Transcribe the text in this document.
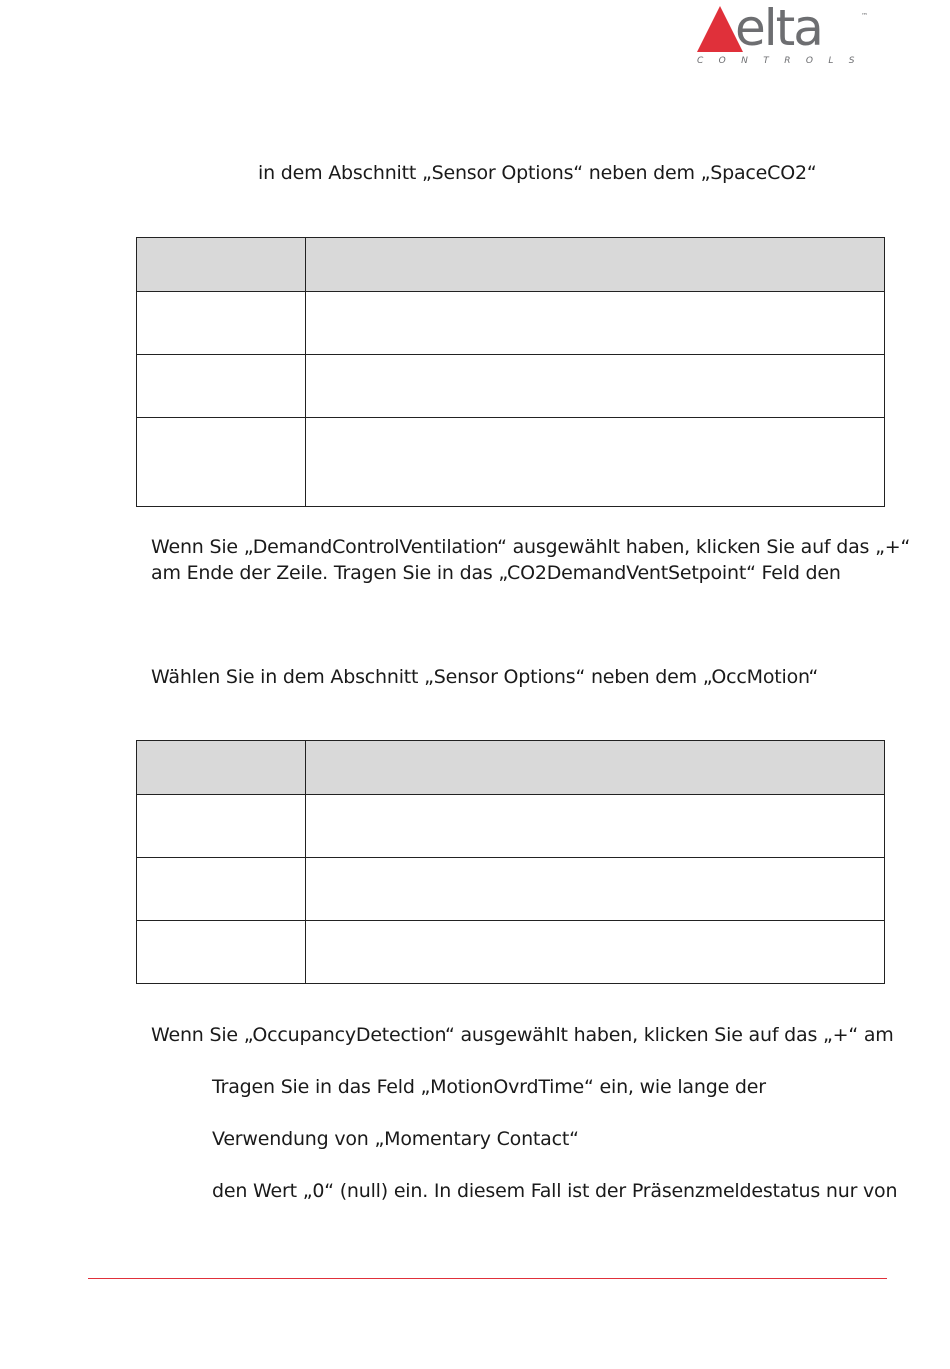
elta	™
CONTROLS
in dem Abschnitt „Sensor Options“ neben dem „SpaceCO2“

Wenn Sie „DemandControlVentilation“ ausgewählt haben, klicken Sie auf das „+“
am Ende der Zeile. Tragen Sie in das „CO2DemandVentSetpoint“ Feld den
Wählen Sie in dem Abschnitt „Sensor Options“ neben dem „OccMotion“

Wenn Sie „OccupancyDetection“ ausgewählt haben, klicken Sie auf das „+“ am
Tragen Sie in das Feld „MotionOvrdTime“ ein, wie lange der
Verwendung von „Momentary Contact“
den Wert „0“ (null) ein. In diesem Fall ist der Präsenzmeldestatus nur von
